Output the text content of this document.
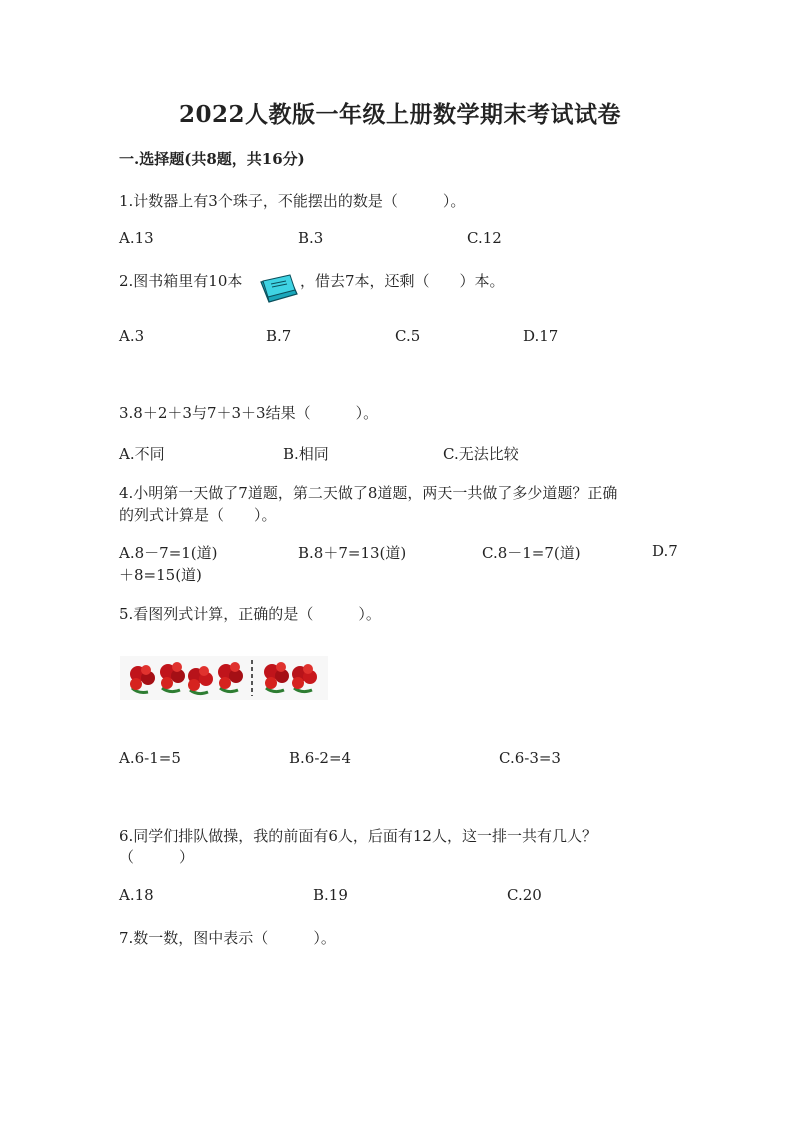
2022人教版一年级上册数学期末考试试卷
一.选择题(共8题，共16分)
1.计数器上有3个珠子，不能摆出的数是（　　　）。
A.13	B.3	C.12
2.图书箱里有10本	，借去7本，还剩（　　）本。
A.3	B.7	C.5	D.17
3.8＋2＋3与7＋3＋3结果（　　　）。
A.不同	B.相同	C.无法比较
4.小明第一天做了7道题，第二天做了8道题，两天一共做了多少道题？正确
的列式计算是（　　）。
A.8－7=1(道)	B.8＋7=13(道)	C.8－1=7(道)	D.7
＋8=15(道)
5.看图列式计算，正确的是（　　　）。
A.6-1=5	B.6-2=4	C.6-3=3
6.同学们排队做操，我的前面有6人，后面有12人，这一排一共有几人？
（　　　）
A.18	B.19	C.20
7.数一数，图中表示（　　　）。
